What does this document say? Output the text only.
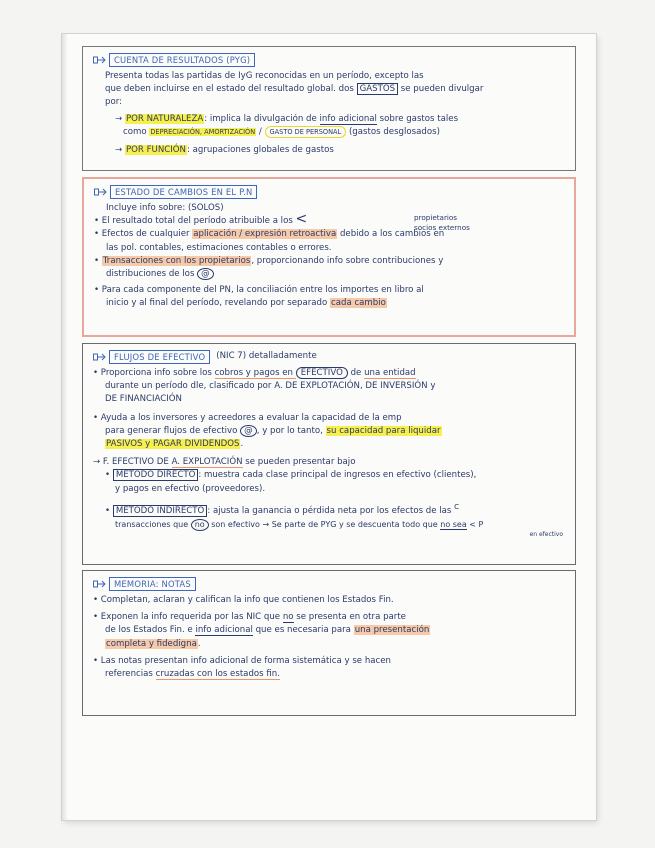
CUENTA DE RESULTADOS (PYG)

Presenta todas las partidas de IyG reconocidas en un período, excepto las

que deben incluirse en el estado del resultado global. dos GASTOS se pueden divulgar

por:

→ POR NATURALEZA: implica la divulgación de info adicional sobre gastos tales

como DEPRECIACIÓN, AMORTIZACIÓN / GASTO DE PERSONAL (gastos desglosados)

→ POR FUNCIÓN: agrupaciones globales de gastos

ESTADO DE CAMBIOS EN EL P.N

Incluye info sobre: (SOLOS)

• El resultado total del período atribuible a los <	propietarios
socios externos

• Efectos de cualquier aplicación / expresión retroactiva debido a los cambios en

las pol. contables, estimaciones contables o errores.

• Transacciones con los propietarios, proporcionando info sobre contribuciones y

distribuciones de los @

• Para cada componente del PN, la conciliación entre los importes en libro al

inicio y al final del período, revelando por separado cada cambio

FLUJOS DE EFECTIVO	(NIC 7) detalladamente

• Proporciona info sobre los cobros y pagos en EFECTIVO de una entidad

durante un período dle, clasificado por A. DE EXPLOTACIÓN, DE INVERSIÓN y

DE FINANCIACIÓN

• Ayuda a los inversores y acreedores a evaluar la capacidad de la emp

para generar flujos de efectivo @ , y por lo tanto, su capacidad para liquidar

PASIVOS y PAGAR DIVIDENDOS.

→ F. EFECTIVO DE A. EXPLOTACIÓN se pueden presentar bajo

• METODO DIRECTO : muestra cada clase principal de ingresos en efectivo (clientes),

y pagos en efectivo (proveedores).

• METODO INDIRECTO : ajusta la ganancia o pérdida neta por los efectos de las $^C$

transacciones que no son efectivo → Se parte de PYG y se descuenta todo que no sea < P

en efectivo

MEMORIA: NOTAS

• Completan, aclaran y califican la info que contienen los Estados Fin.

• Exponen la info requerida por las NIC que no se presenta en otra parte

de los Estados Fin. e info adicional que es necesaria para una presentación

completa y fidedigna.

• Las notas presentan info adicional de forma sistemática y se hacen

referencias cruzadas con los estados fin.
